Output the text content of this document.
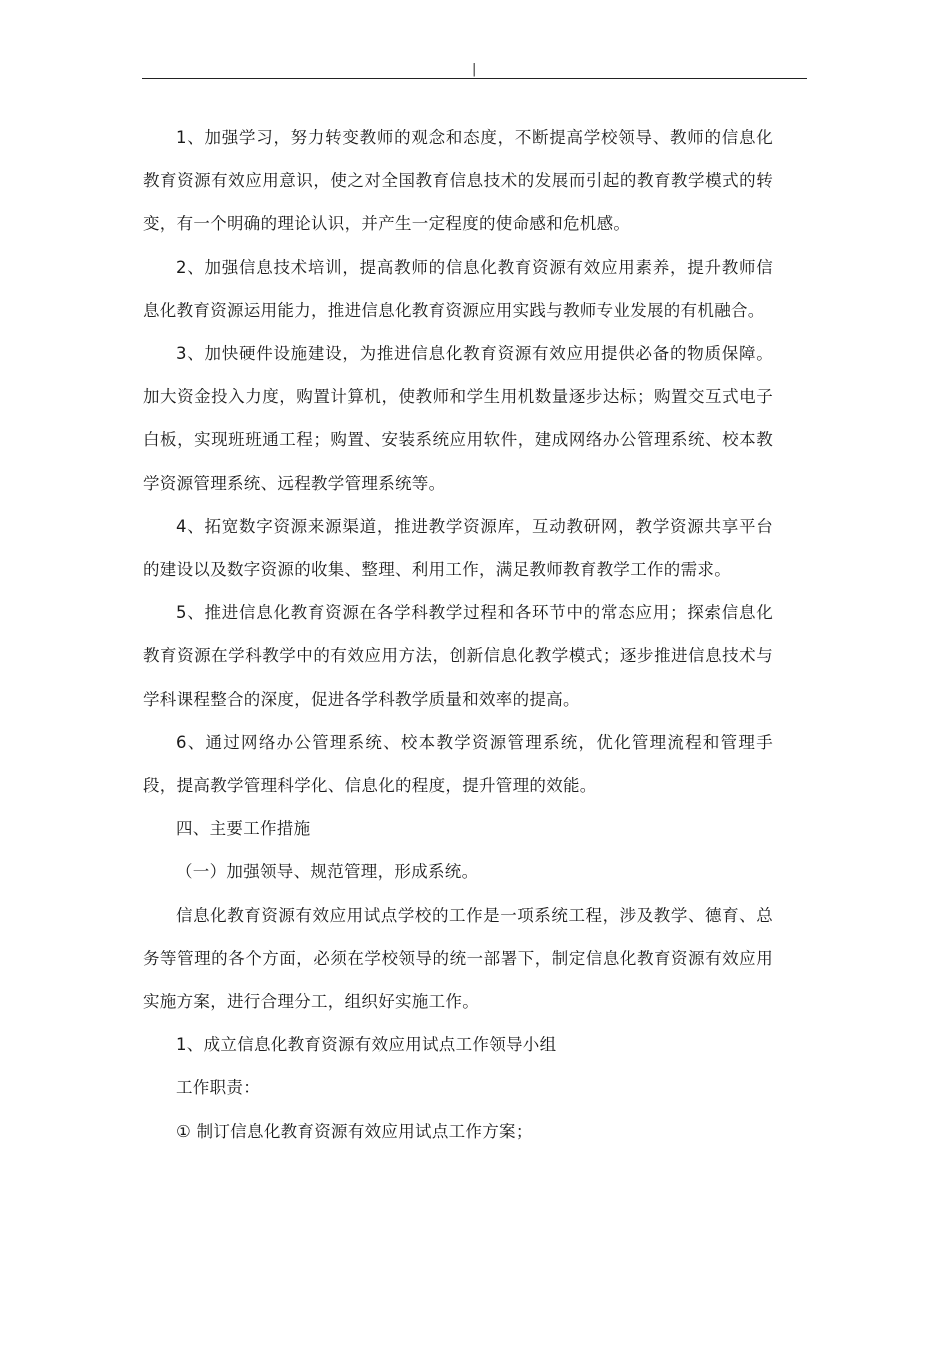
|

1、加强学习，努力转变教师的观念和态度，不断提高学校领导、教师的信息化教育资源有效应用意识，使之对全国教育信息技术的发展而引起的教育教学模式的转变，有一个明确的理论认识，并产生一定程度的使命感和危机感。

2、加强信息技术培训，提高教师的信息化教育资源有效应用素养，提升教师信息化教育资源运用能力，推进信息化教育资源应用实践与教师专业发展的有机融合。

3、加快硬件设施建设，为推进信息化教育资源有效应用提供必备的物质保障。加大资金投入力度，购置计算机，使教师和学生用机数量逐步达标；购置交互式电子白板，实现班班通工程；购置、安装系统应用软件，建成网络办公管理系统、校本教学资源管理系统、远程教学管理系统等。

4、拓宽数字资源来源渠道，推进教学资源库，互动教研网，教学资源共享平台的建设以及数字资源的收集、整理、利用工作，满足教师教育教学工作的需求。

5、推进信息化教育资源在各学科教学过程和各环节中的常态应用；探索信息化教育资源在学科教学中的有效应用方法，创新信息化教学模式；逐步推进信息技术与学科课程整合的深度，促进各学科教学质量和效率的提高。

6、通过网络办公管理系统、校本教学资源管理系统，优化管理流程和管理手段，提高教学管理科学化、信息化的程度，提升管理的效能。

四、主要工作措施

（一）加强领导、规范管理，形成系统。

信息化教育资源有效应用试点学校的工作是一项系统工程，涉及教学、德育、总务等管理的各个方面，必须在学校领导的统一部署下，制定信息化教育资源有效应用实施方案，进行合理分工，组织好实施工作。

1、成立信息化教育资源有效应用试点工作领导小组

工作职责：

① 制订信息化教育资源有效应用试点工作方案；
